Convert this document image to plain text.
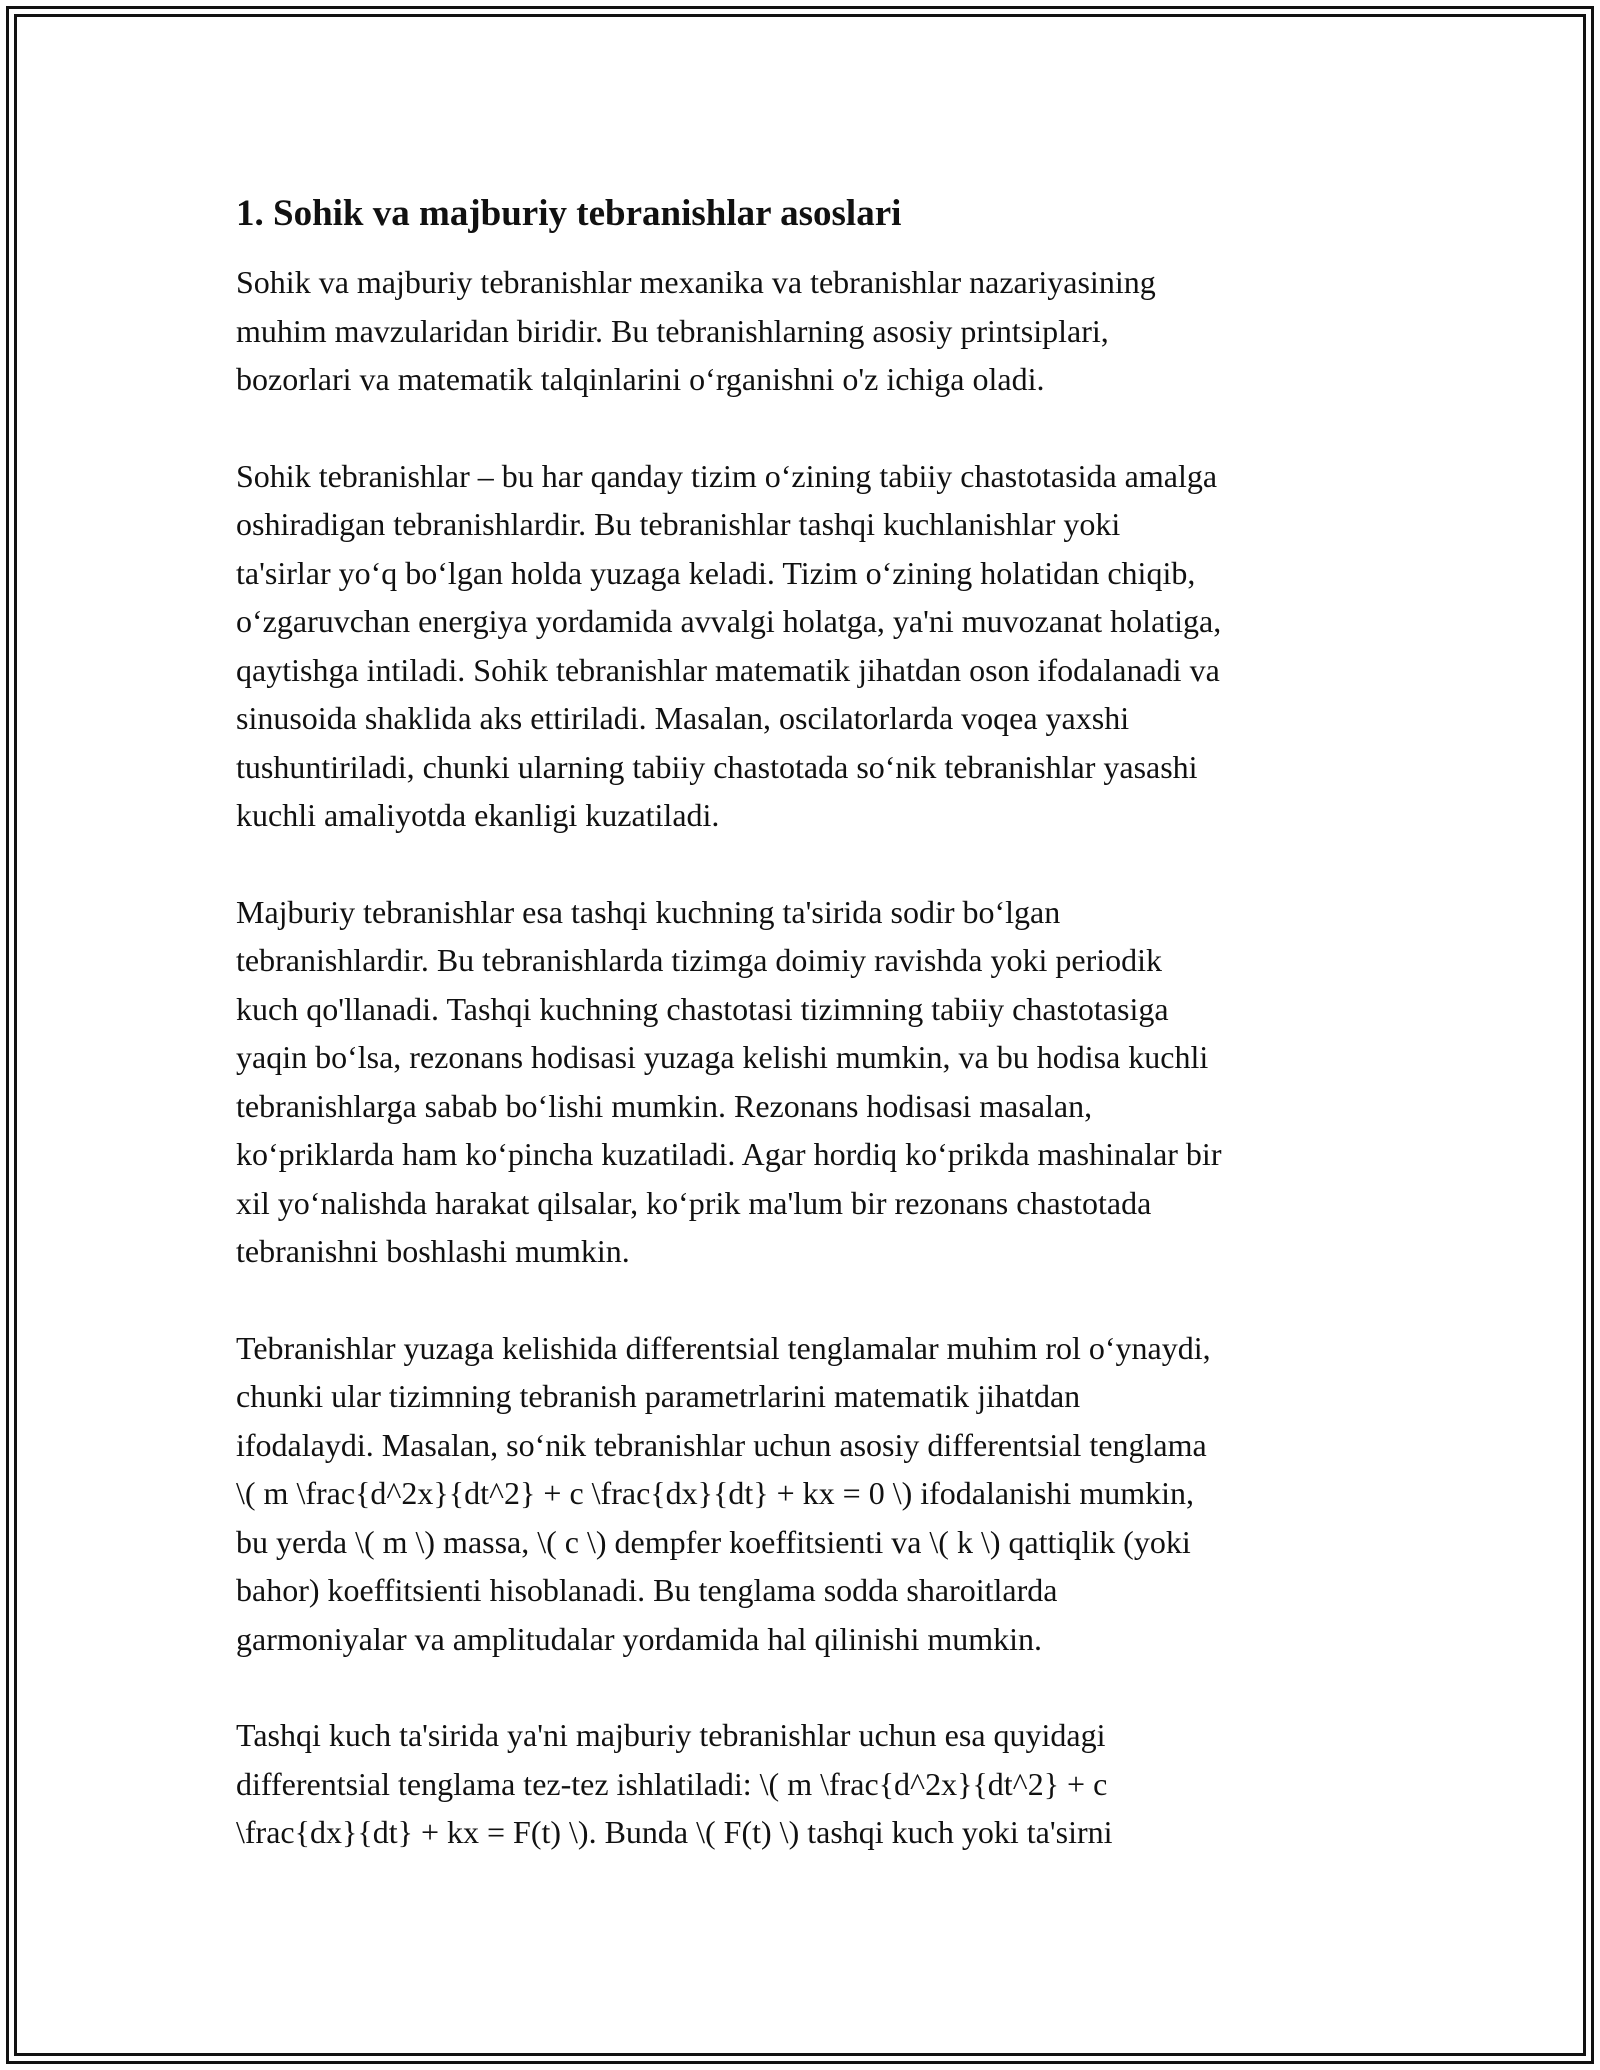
1. Sohik va majburiy tebranishlar asoslari
Sohik va majburiy tebranishlar mexanika va tebranishlar nazariyasining
muhim mavzularidan biridir. Bu tebranishlarning asosiy printsiplari,
bozorlari va matematik talqinlarini o‘rganishni o'z ichiga oladi.
Sohik tebranishlar – bu har qanday tizim o‘zining tabiiy chastotasida amalga
oshiradigan tebranishlardir. Bu tebranishlar tashqi kuchlanishlar yoki
ta'sirlar yo‘q bo‘lgan holda yuzaga keladi. Tizim o‘zining holatidan chiqib,
o‘zgaruvchan energiya yordamida avvalgi holatga, ya'ni muvozanat holatiga,
qaytishga intiladi. Sohik tebranishlar matematik jihatdan oson ifodalanadi va
sinusoida shaklida aks ettiriladi. Masalan, oscilatorlarda voqea yaxshi
tushuntiriladi, chunki ularning tabiiy chastotada so‘nik tebranishlar yasashi
kuchli amaliyotda ekanligi kuzatiladi.
Majburiy tebranishlar esa tashqi kuchning ta'sirida sodir bo‘lgan
tebranishlardir. Bu tebranishlarda tizimga doimiy ravishda yoki periodik
kuch qo'llanadi. Tashqi kuchning chastotasi tizimning tabiiy chastotasiga
yaqin bo‘lsa, rezonans hodisasi yuzaga kelishi mumkin, va bu hodisa kuchli
tebranishlarga sabab bo‘lishi mumkin. Rezonans hodisasi masalan,
ko‘priklarda ham ko‘pincha kuzatiladi. Agar hordiq ko‘prikda mashinalar bir
xil yo‘nalishda harakat qilsalar, ko‘prik ma'lum bir rezonans chastotada
tebranishni boshlashi mumkin.
Tebranishlar yuzaga kelishida differentsial tenglamalar muhim rol o‘ynaydi,
chunki ular tizimning tebranish parametrlarini matematik jihatdan
ifodalaydi. Masalan, so‘nik tebranishlar uchun asosiy differentsial tenglama
\( m \frac{d^2x}{dt^2} + c \frac{dx}{dt} + kx = 0 \) ifodalanishi mumkin,
bu yerda \( m \) massa, \( c \) dempfer koeffitsienti va \( k \) qattiqlik (yoki
bahor) koeffitsienti hisoblanadi. Bu tenglama sodda sharoitlarda
garmoniyalar va amplitudalar yordamida hal qilinishi mumkin.
Tashqi kuch ta'sirida ya'ni majburiy tebranishlar uchun esa quyidagi
differentsial tenglama tez-tez ishlatiladi: \( m \frac{d^2x}{dt^2} + c
\frac{dx}{dt} + kx = F(t) \). Bunda \( F(t) \) tashqi kuch yoki ta'sirni
